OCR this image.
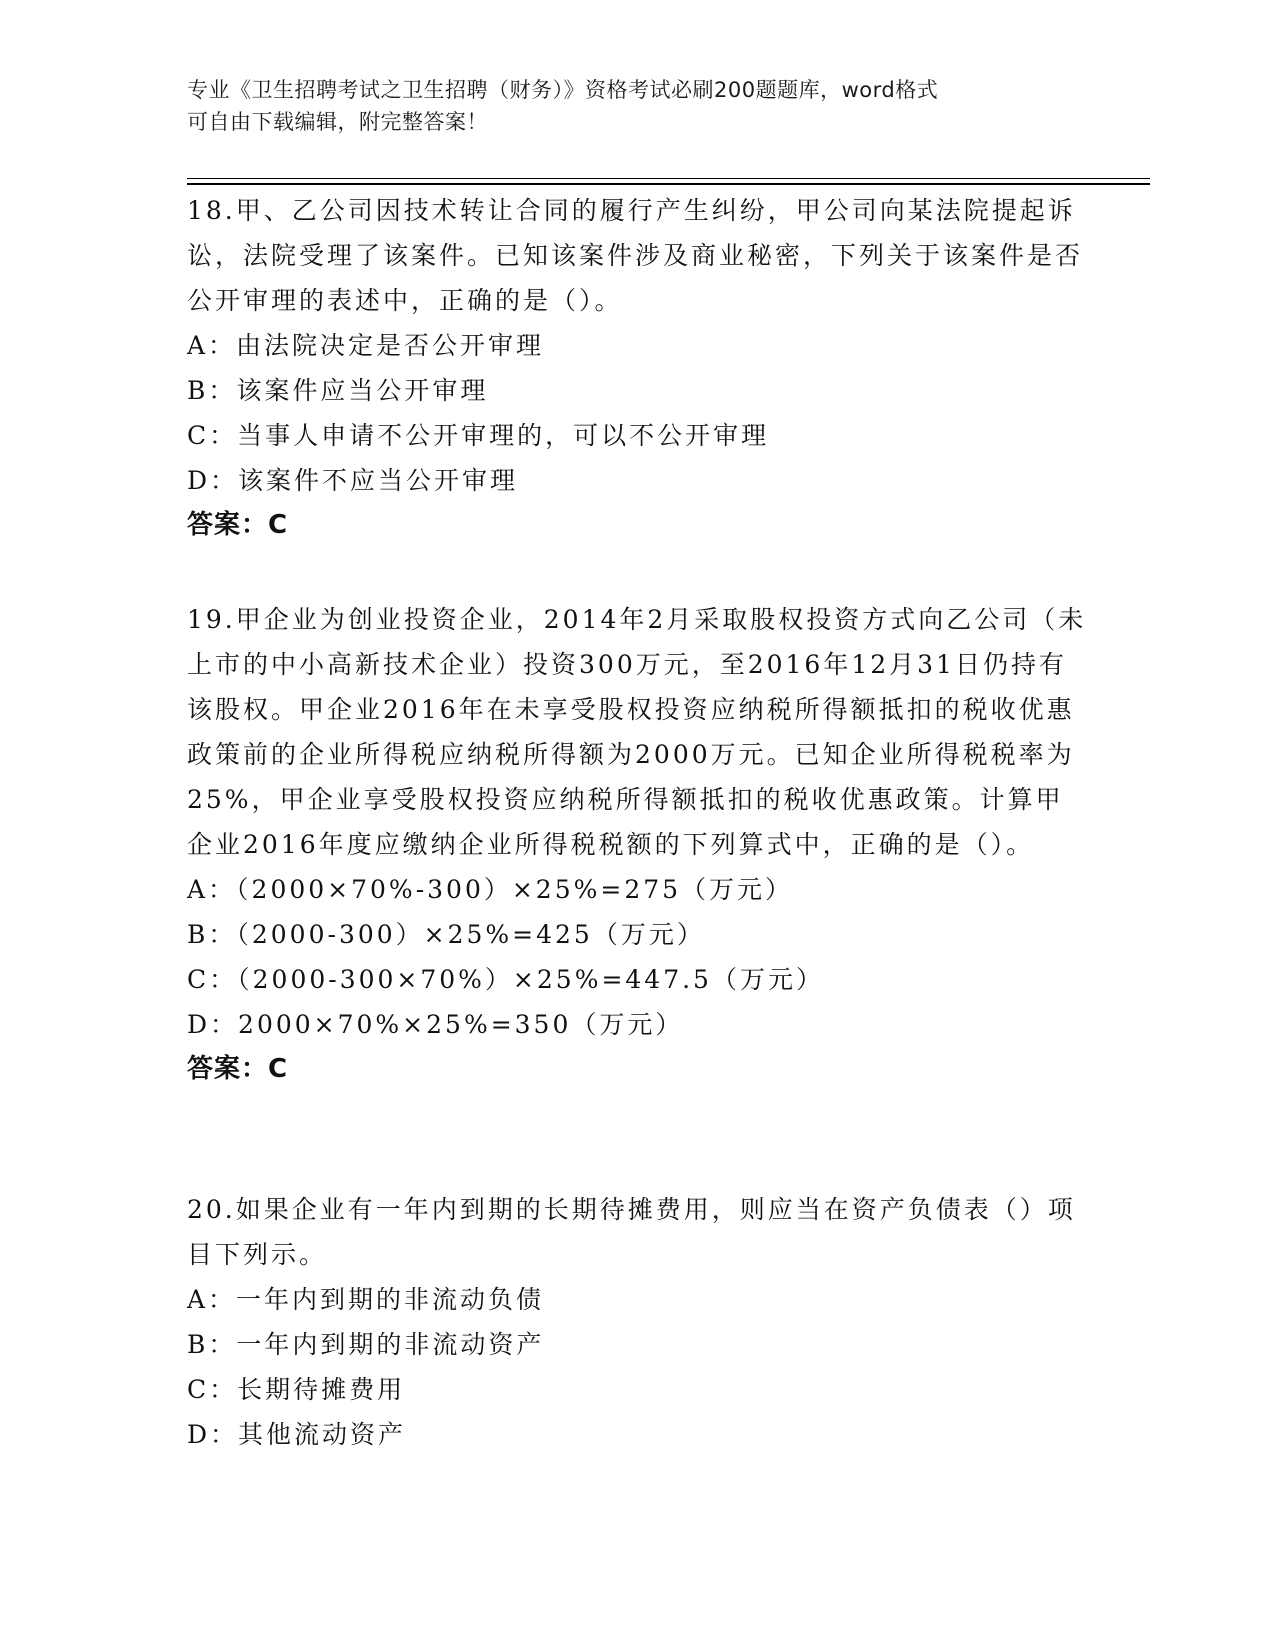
专业《卫生招聘考试之卫生招聘（财务）》资格考试必刷200题题库，word格式
可自由下载编辑，附完整答案！

18.甲、乙公司因技术转让合同的履行产生纠纷，甲公司向某法院提起诉讼，法院受理了该案件。已知该案件涉及商业秘密，下列关于该案件是否公开审理的表述中，正确的是（）。

A：由法院决定是否公开审理

B：该案件应当公开审理

C：当事人申请不公开审理的，可以不公开审理

D：该案件不应当公开审理

答案：C

19.甲企业为创业投资企业，2014年2月采取股权投资方式向乙公司（未上市的中小高新技术企业）投资300万元，至2016年12月31日仍持有该股权。甲企业2016年在未享受股权投资应纳税所得额抵扣的税收优惠政策前的企业所得税应纳税所得额为2000万元。已知企业所得税税率为25%，甲企业享受股权投资应纳税所得额抵扣的税收优惠政策。计算甲企业2016年度应缴纳企业所得税税额的下列算式中，正确的是（）。

A：（2000×70%-300）×25%=275（万元）

B：（2000-300）×25%=425（万元）

C：（2000-300×70%）×25%=447.5（万元）

D：2000×70%×25%=350（万元）

答案：C

20.如果企业有一年内到期的长期待摊费用，则应当在资产负债表（）项目下列示。

A：一年内到期的非流动负债

B：一年内到期的非流动资产

C：长期待摊费用

D：其他流动资产
